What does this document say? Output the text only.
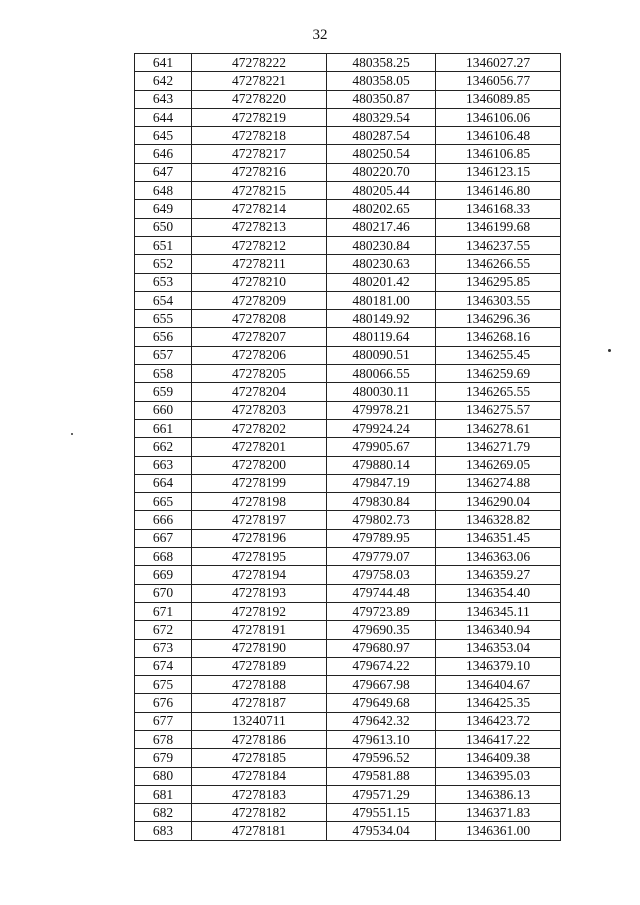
32
641	47278222	480358.25	1346027.27
642	47278221	480358.05	1346056.77
643	47278220	480350.87	1346089.85
644	47278219	480329.54	1346106.06
645	47278218	480287.54	1346106.48
646	47278217	480250.54	1346106.85
647	47278216	480220.70	1346123.15
648	47278215	480205.44	1346146.80
649	47278214	480202.65	1346168.33
650	47278213	480217.46	1346199.68
651	47278212	480230.84	1346237.55
652	47278211	480230.63	1346266.55
653	47278210	480201.42	1346295.85
654	47278209	480181.00	1346303.55
655	47278208	480149.92	1346296.36
656	47278207	480119.64	1346268.16
657	47278206	480090.51	1346255.45
658	47278205	480066.55	1346259.69
659	47278204	480030.11	1346265.55
660	47278203	479978.21	1346275.57
661	47278202	479924.24	1346278.61
662	47278201	479905.67	1346271.79
663	47278200	479880.14	1346269.05
664	47278199	479847.19	1346274.88
665	47278198	479830.84	1346290.04
666	47278197	479802.73	1346328.82
667	47278196	479789.95	1346351.45
668	47278195	479779.07	1346363.06
669	47278194	479758.03	1346359.27
670	47278193	479744.48	1346354.40
671	47278192	479723.89	1346345.11
672	47278191	479690.35	1346340.94
673	47278190	479680.97	1346353.04
674	47278189	479674.22	1346379.10
675	47278188	479667.98	1346404.67
676	47278187	479649.68	1346425.35
677	13240711	479642.32	1346423.72
678	47278186	479613.10	1346417.22
679	47278185	479596.52	1346409.38
680	47278184	479581.88	1346395.03
681	47278183	479571.29	1346386.13
682	47278182	479551.15	1346371.83
683	47278181	479534.04	1346361.00
